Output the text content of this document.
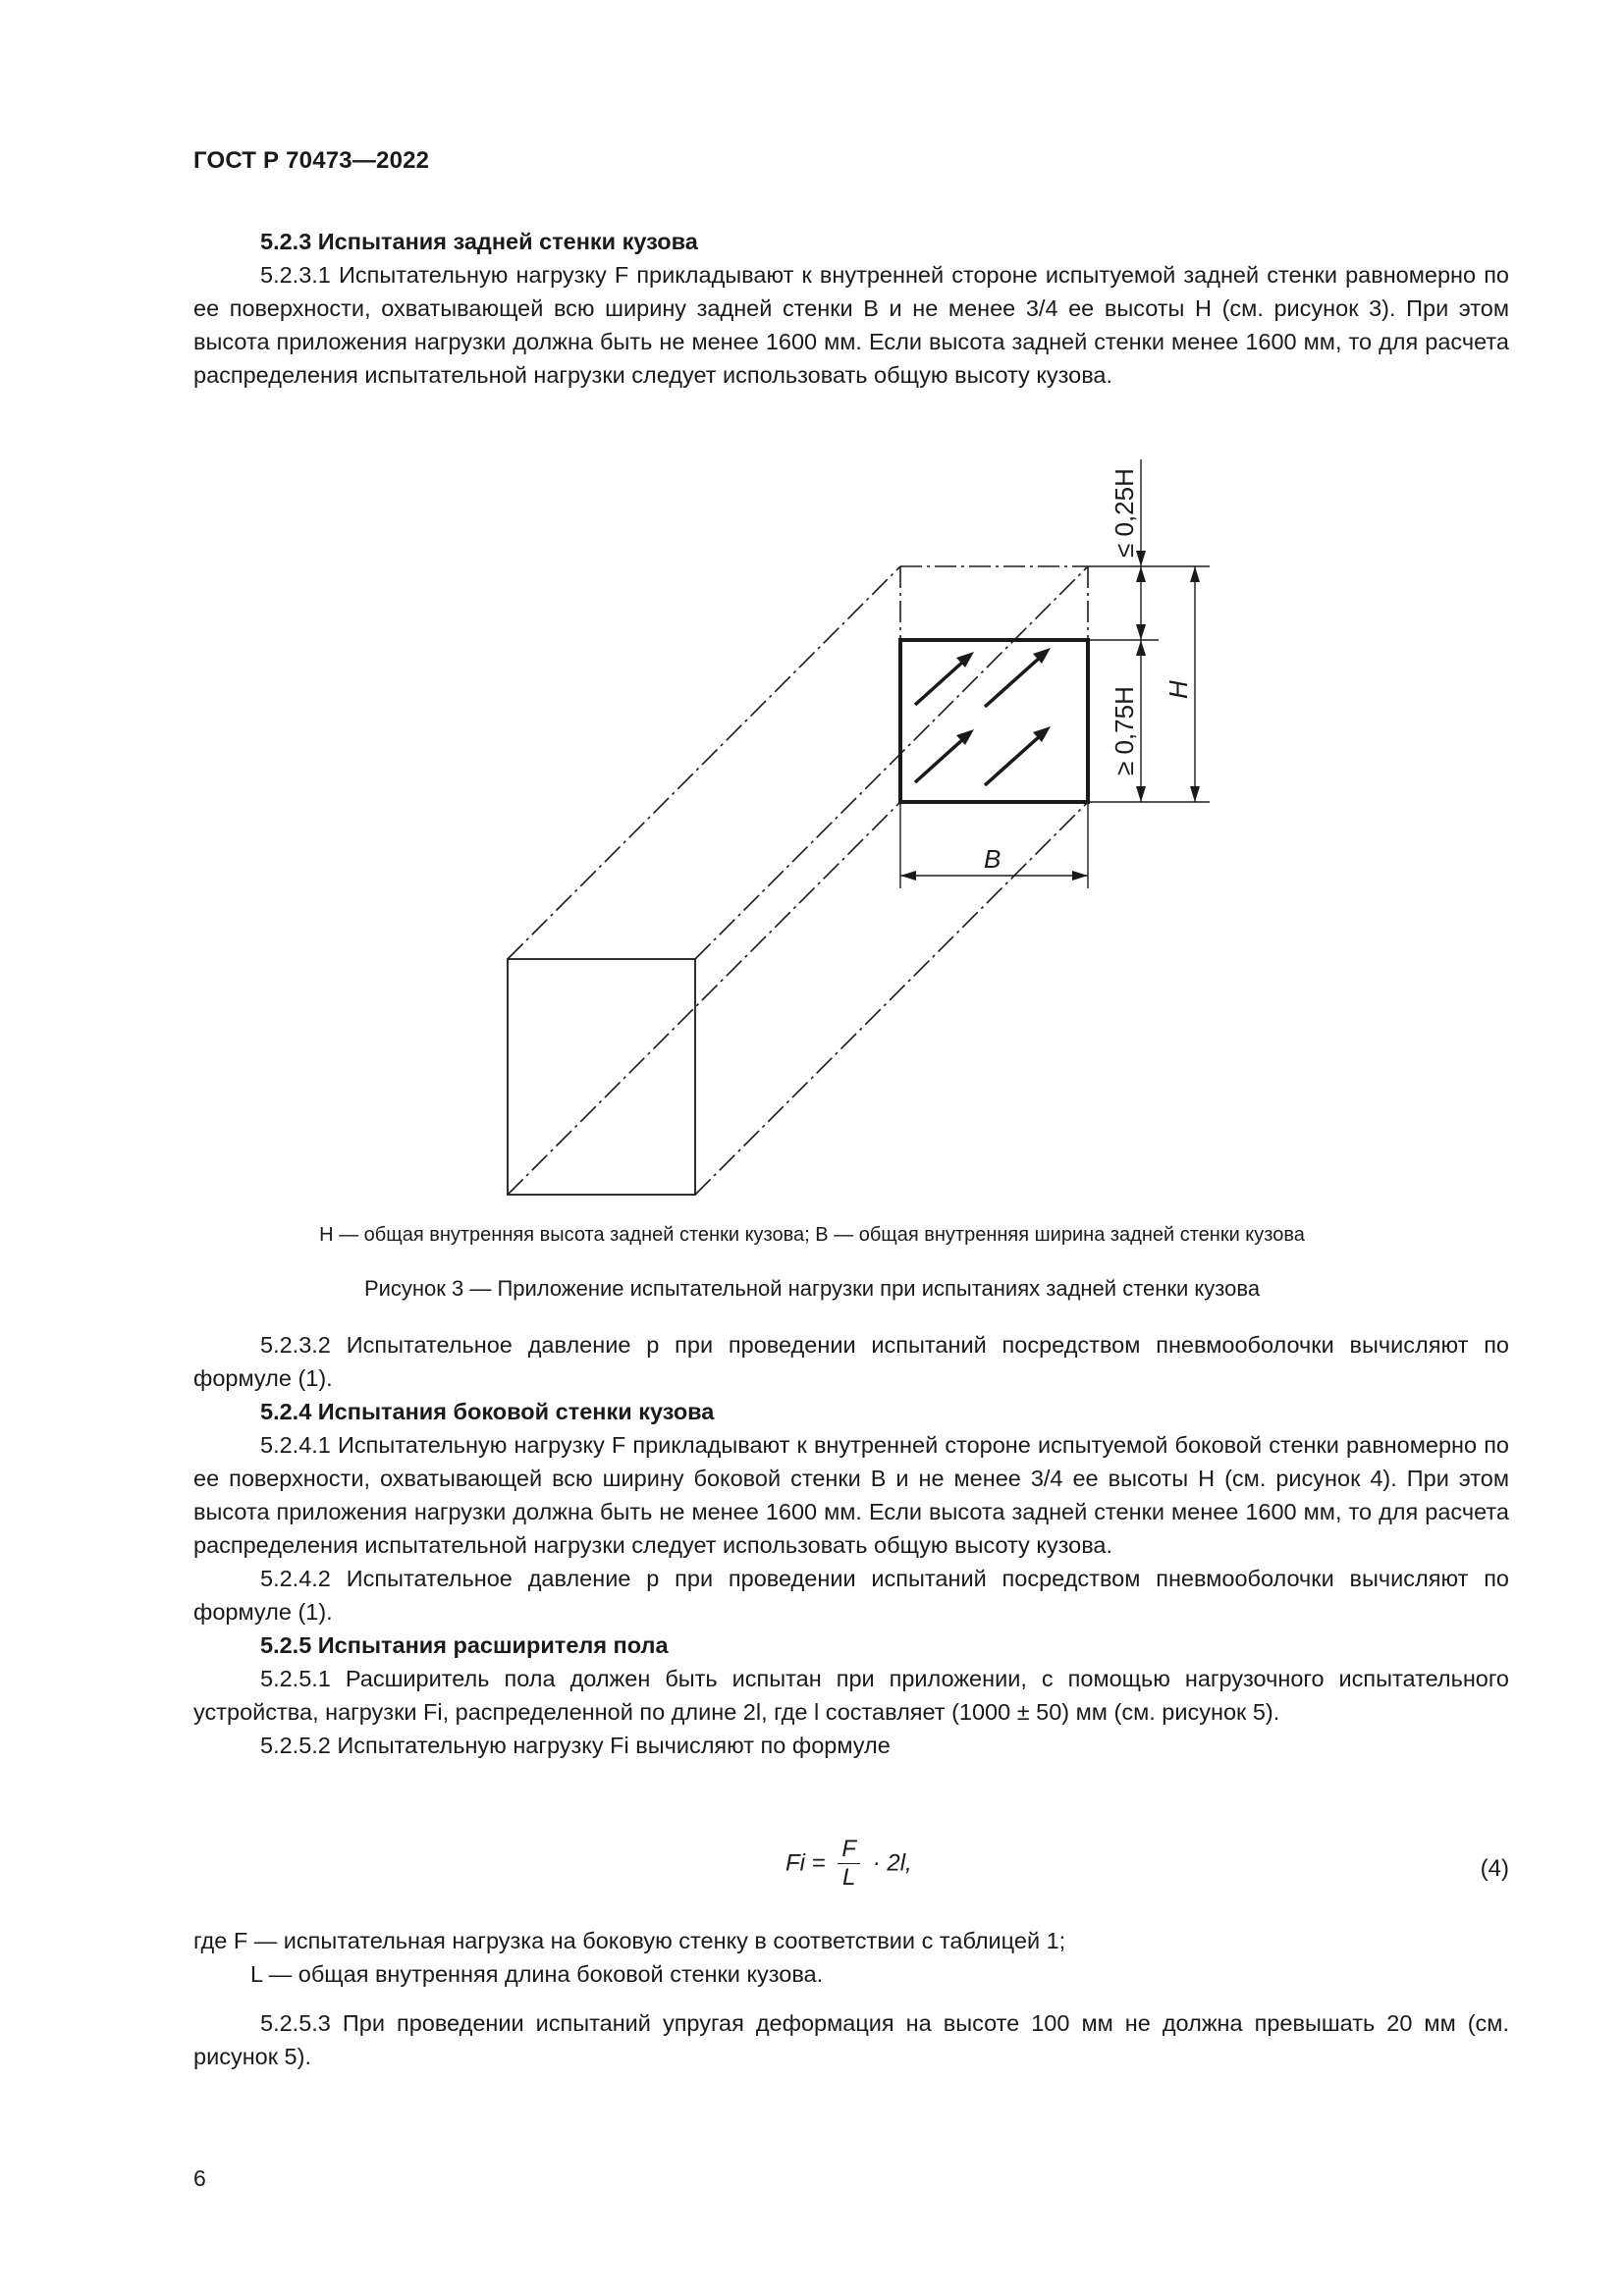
ГОСТ Р 70473—2022

5.2.3 Испытания задней стенки кузова

5.2.3.1 Испытательную нагрузку F прикладывают к внутренней стороне испытуемой задней стенки равномерно по ее поверхности, охватывающей всю ширину задней стенки B и не менее 3/4 ее высоты H (см. рисунок 3). При этом высота приложения нагрузки должна быть не менее 1600 мм. Если высота задней стенки менее 1600 мм, то для расчета распределения испытательной нагрузки следует использовать общую высоту кузова.

≤ 0,25H
≥ 0,75H H
B
H — общая внутренняя высота задней стенки кузова; B — общая внутренняя ширина задней стенки кузова
Рисунок 3 — Приложение испытательной нагрузки при испытаниях задней стенки кузова

5.2.3.2 Испытательное давление p при проведении испытаний посредством пневмооболочки вычисляют по формуле (1).

5.2.4 Испытания боковой стенки кузова

5.2.4.1 Испытательную нагрузку F прикладывают к внутренней стороне испытуемой боковой стенки равномерно по ее поверхности, охватывающей всю ширину боковой стенки B и не менее 3/4 ее высоты H (см. рисунок 4). При этом высота приложения нагрузки должна быть не менее 1600 мм. Если высота задней стенки менее 1600 мм, то для расчета распределения испытательной нагрузки следует использовать общую высоту кузова.

5.2.4.2 Испытательное давление p при проведении испытаний посредством пневмооболочки вычисляют по формуле (1).

5.2.5 Испытания расширителя пола

5.2.5.1 Расширитель пола должен быть испытан при приложении, с помощью нагрузочного испытательного устройства, нагрузки Fi, распределенной по длине 2l, где l составляет (1000 ± 50) мм (см. рисунок 5).

5.2.5.2 Испытательную нагрузку Fi вычисляют по формуле

$Fi = \frac{F}{L} \cdot 2l$,	(4)
где F — испытательная нагрузка на боковую стенку в соответствии с таблицей 1;
L — общая внутренняя длина боковой стенки кузова.

5.2.5.3 При проведении испытаний упругая деформация на высоте 100 мм не должна превышать 20 мм (см. рисунок 5).

6
